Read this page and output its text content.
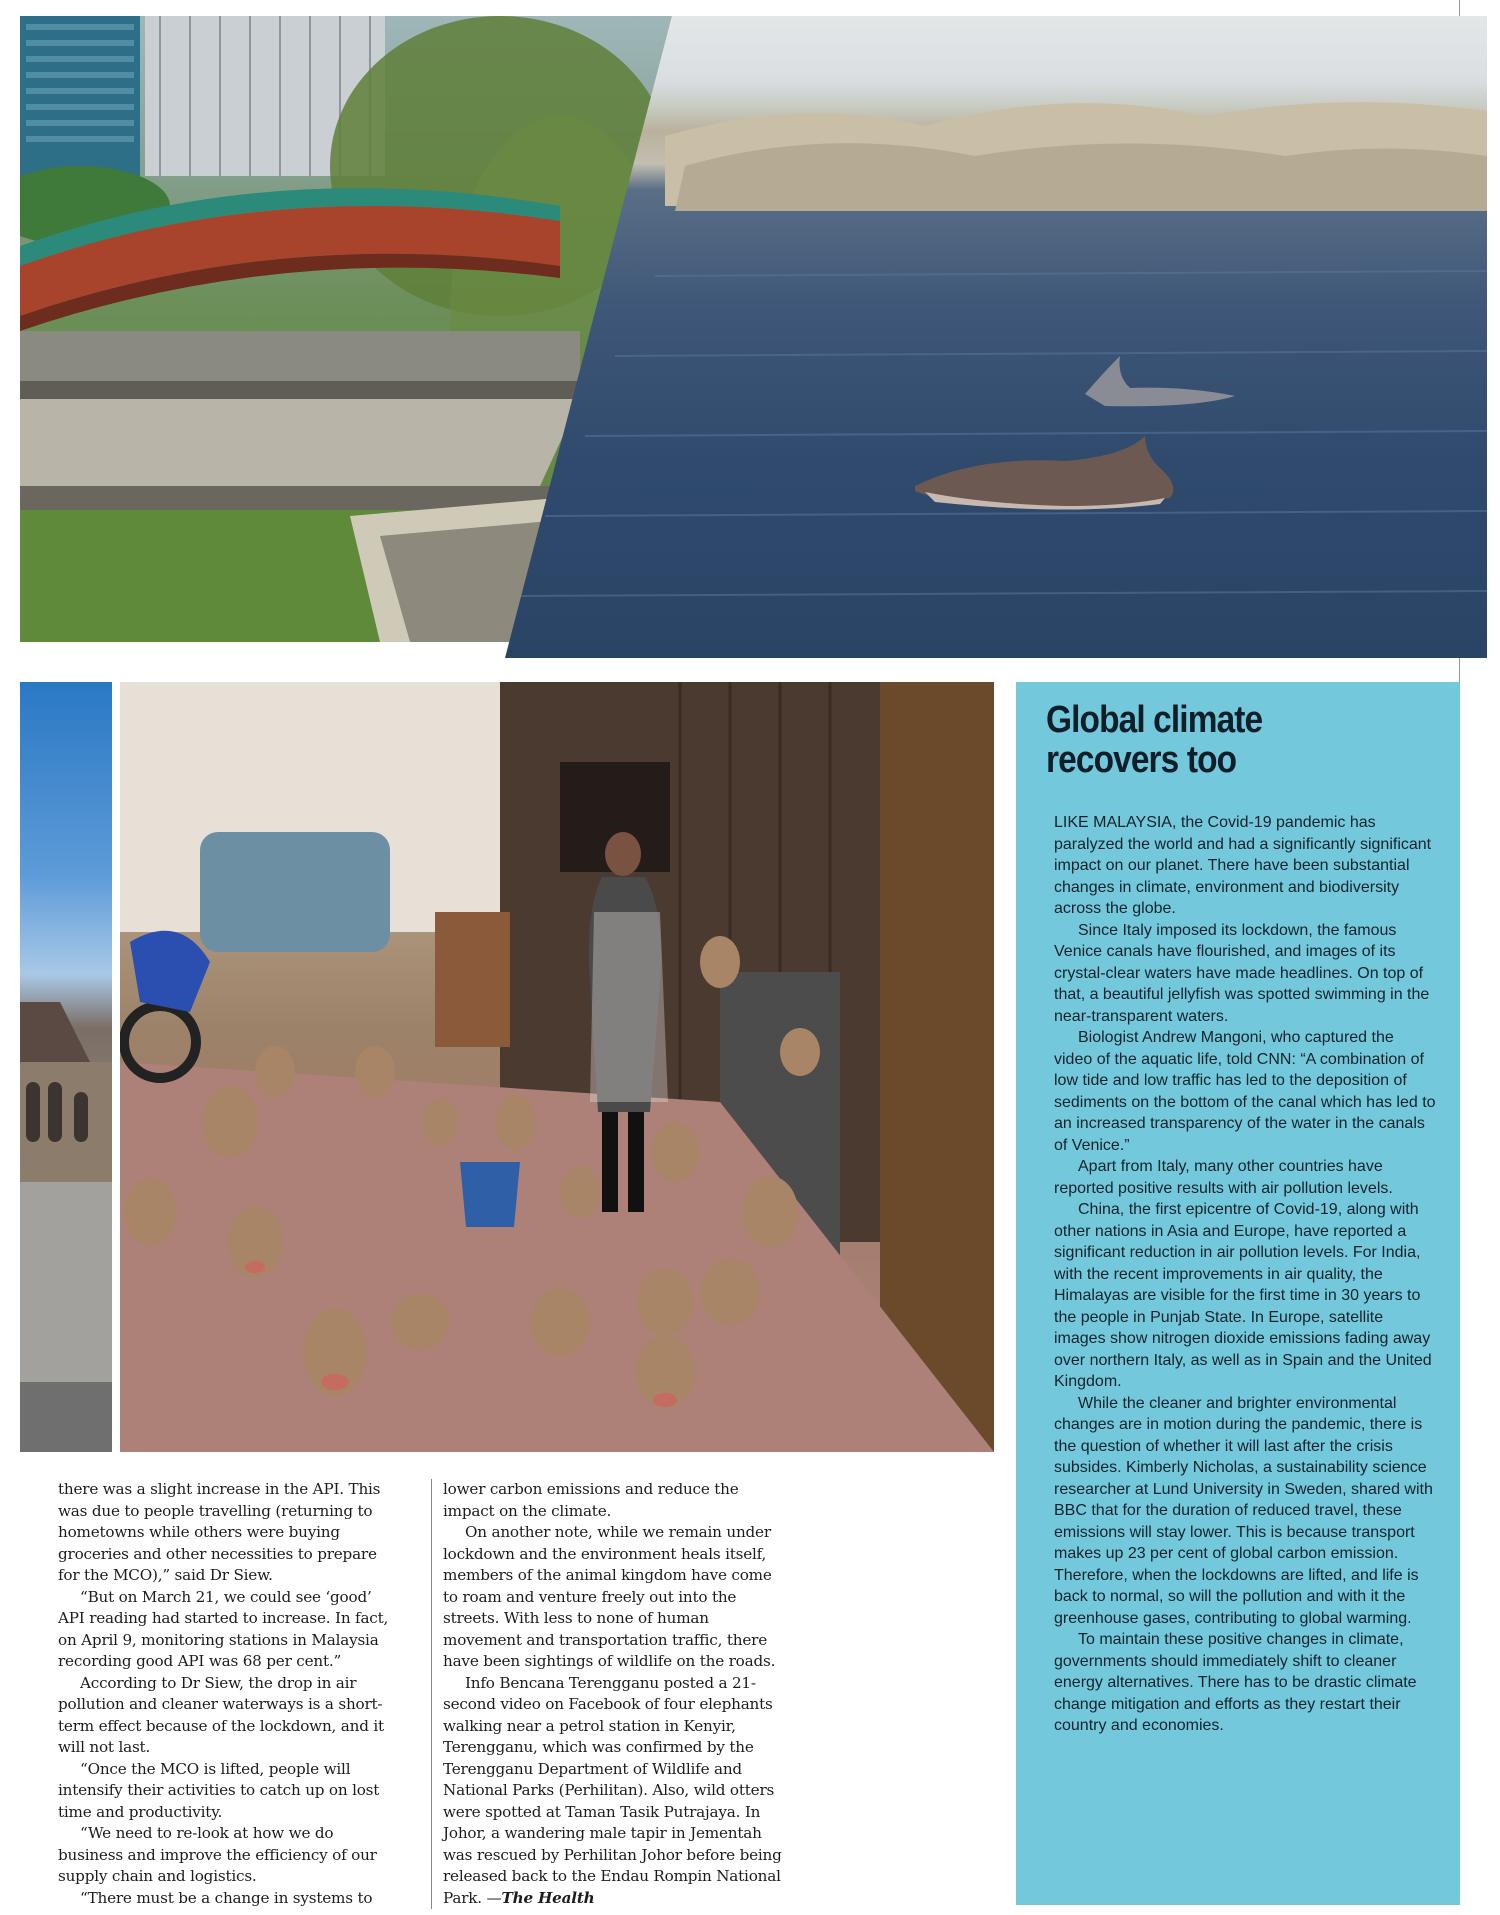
Global climate
recovers too

LIKE MALAYSIA, the Covid-19 pandemic has paralyzed the world and had a significantly significant impact on our planet. There have been substantial changes in climate, environment and biodiversity across the globe.

Since Italy imposed its lockdown, the famous Venice canals have flourished, and images of its crystal-clear waters have made headlines. On top of that, a beautiful jellyfish was spotted swimming in the near-transparent waters.

Biologist Andrew Mangoni, who captured the video of the aquatic life, told CNN: “A combination of low tide and low traffic has led to the deposition of sediments on the bottom of the canal which has led to an increased transparency of the water in the canals of Venice.”

Apart from Italy, many other countries have reported positive results with air pollution levels.

China, the first epicentre of Covid-19, along with other nations in Asia and Europe, have reported a significant reduction in air pollution levels. For India, with the recent improvements in air quality, the Himalayas are visible for the first time in 30 years to the people in Punjab State. In Europe, satellite images show nitrogen dioxide emissions fading away over northern Italy, as well as in Spain and the United Kingdom.

While the cleaner and brighter environmental changes are in motion during the pandemic, there is the question of whether it will last after the crisis subsides. Kimberly Nicholas, a sustainability science researcher at Lund University in Sweden, shared with BBC that for the duration of reduced travel, these emissions will stay lower. This is because transport makes up 23 per cent of global carbon emission. Therefore, when the lockdowns are lifted, and life is back to normal, so will the pollution and with it the greenhouse gases, contributing to global warming.

To maintain these positive changes in climate, governments should immediately shift to cleaner energy alternatives. There has to be drastic climate change mitigation and efforts as they restart their country and economies.

there was a slight increase in the API. This was due to people travelling (returning to hometowns while others were buying groceries and other necessities to prepare for the MCO),” said Dr Siew.

“But on March 21, we could see ‘good’ API reading had started to increase. In fact, on April 9, monitoring stations in Malaysia recording good API was 68 per cent.”

According to Dr Siew, the drop in air pollution and cleaner waterways is a short-term effect because of the lockdown, and it will not last.

“Once the MCO is lifted, people will intensify their activities to catch up on lost time and productivity.

“We need to re-look at how we do business and improve the efficiency of our supply chain and logistics.

“There must be a change in systems to

lower carbon emissions and reduce the impact on the climate.

On another note, while we remain under lockdown and the environment heals itself, members of the animal kingdom have come to roam and venture freely out into the streets. With less to none of human movement and transportation traffic, there have been sightings of wildlife on the roads.

Info Bencana Terengganu posted a 21-second video on Facebook of four elephants walking near a petrol station in Kenyir, Terengganu, which was confirmed by the Terengganu Department of Wildlife and National Parks (Perhilitan). Also, wild otters were spotted at Taman Tasik Putrajaya. In Johor, a wandering male tapir in Jementah was rescued by Perhilitan Johor before being released back to the Endau Rompin National Park. —The Health
